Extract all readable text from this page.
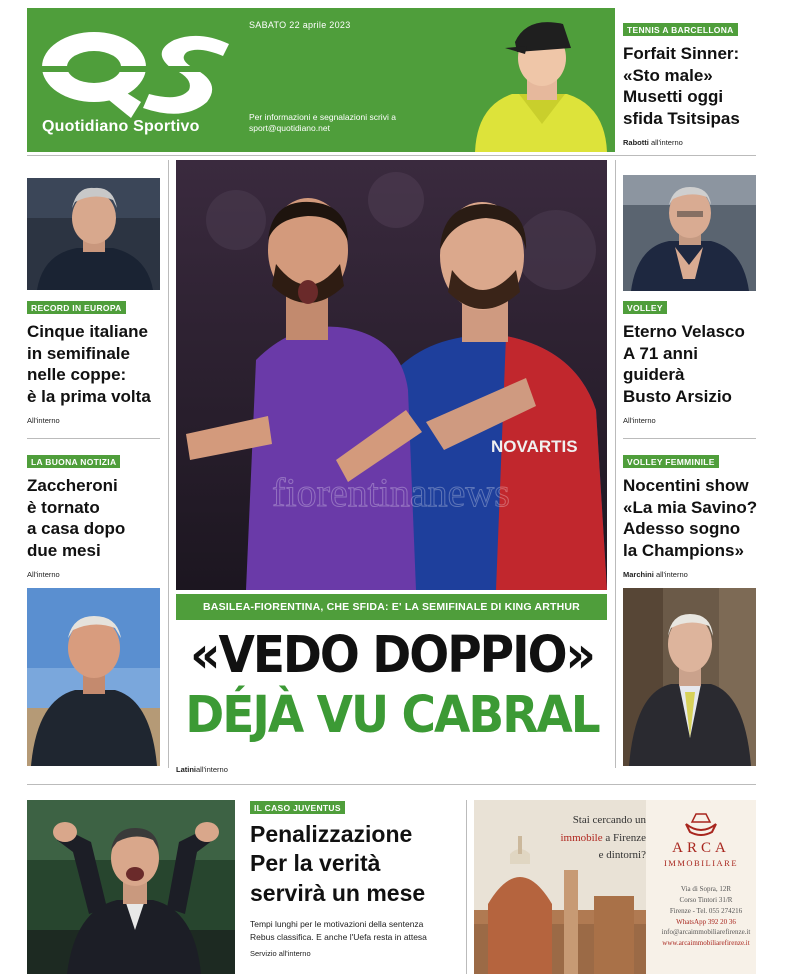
Quotidiano Sportivo
SABATO 22 aprile 2023
Per informazioni e segnalazioni scrivi a
sport@quotidiano.net
TENNIS A BARCELLONA
Forfait Sinner:
«Sto male»
Musetti oggi
sfida Tsitsipas
Rabotti all'interno
RECORD IN EUROPA
Cinque italiane
in semifinale
nelle coppe:
è la prima volta
All'interno
LA BUONA NOTIZIA
Zaccheroni
è tornato
a casa dopo
due mesi
All'interno
NOVARTIS
fiorentinanews
BASILEA-FIORENTINA, CHE SFIDA: E' LA SEMIFINALE DI KING ARTHUR
«VEDO DOPPIO»
DÉJÀ VU CABRAL
Latiniall'interno
VOLLEY
Eterno Velasco
A 71 anni
guiderà
Busto Arsizio
All'interno
VOLLEY FEMMINILE
Nocentini show
«La mia Savino?
Adesso sogno
la Champions»
Marchini all'interno
IL CASO JUVENTUS
Penalizzazione
Per la verità
servirà un mese
Tempi lunghi per le motivazioni della sentenza
Rebus classifica. E anche l'Uefa resta in attesa
Servizio all'interno
Stai cercando un
immobile a Firenze
e dintorni?	ARCA
IMMOBILIARE
Via di Sopra, 12R
Corso Tintori 31/R
Firenze - Tel. 055 274216
WhatsApp 392 20 36
info@arcaimmobiliarefirenze.it
www.arcaimmobiliarefirenze.it
